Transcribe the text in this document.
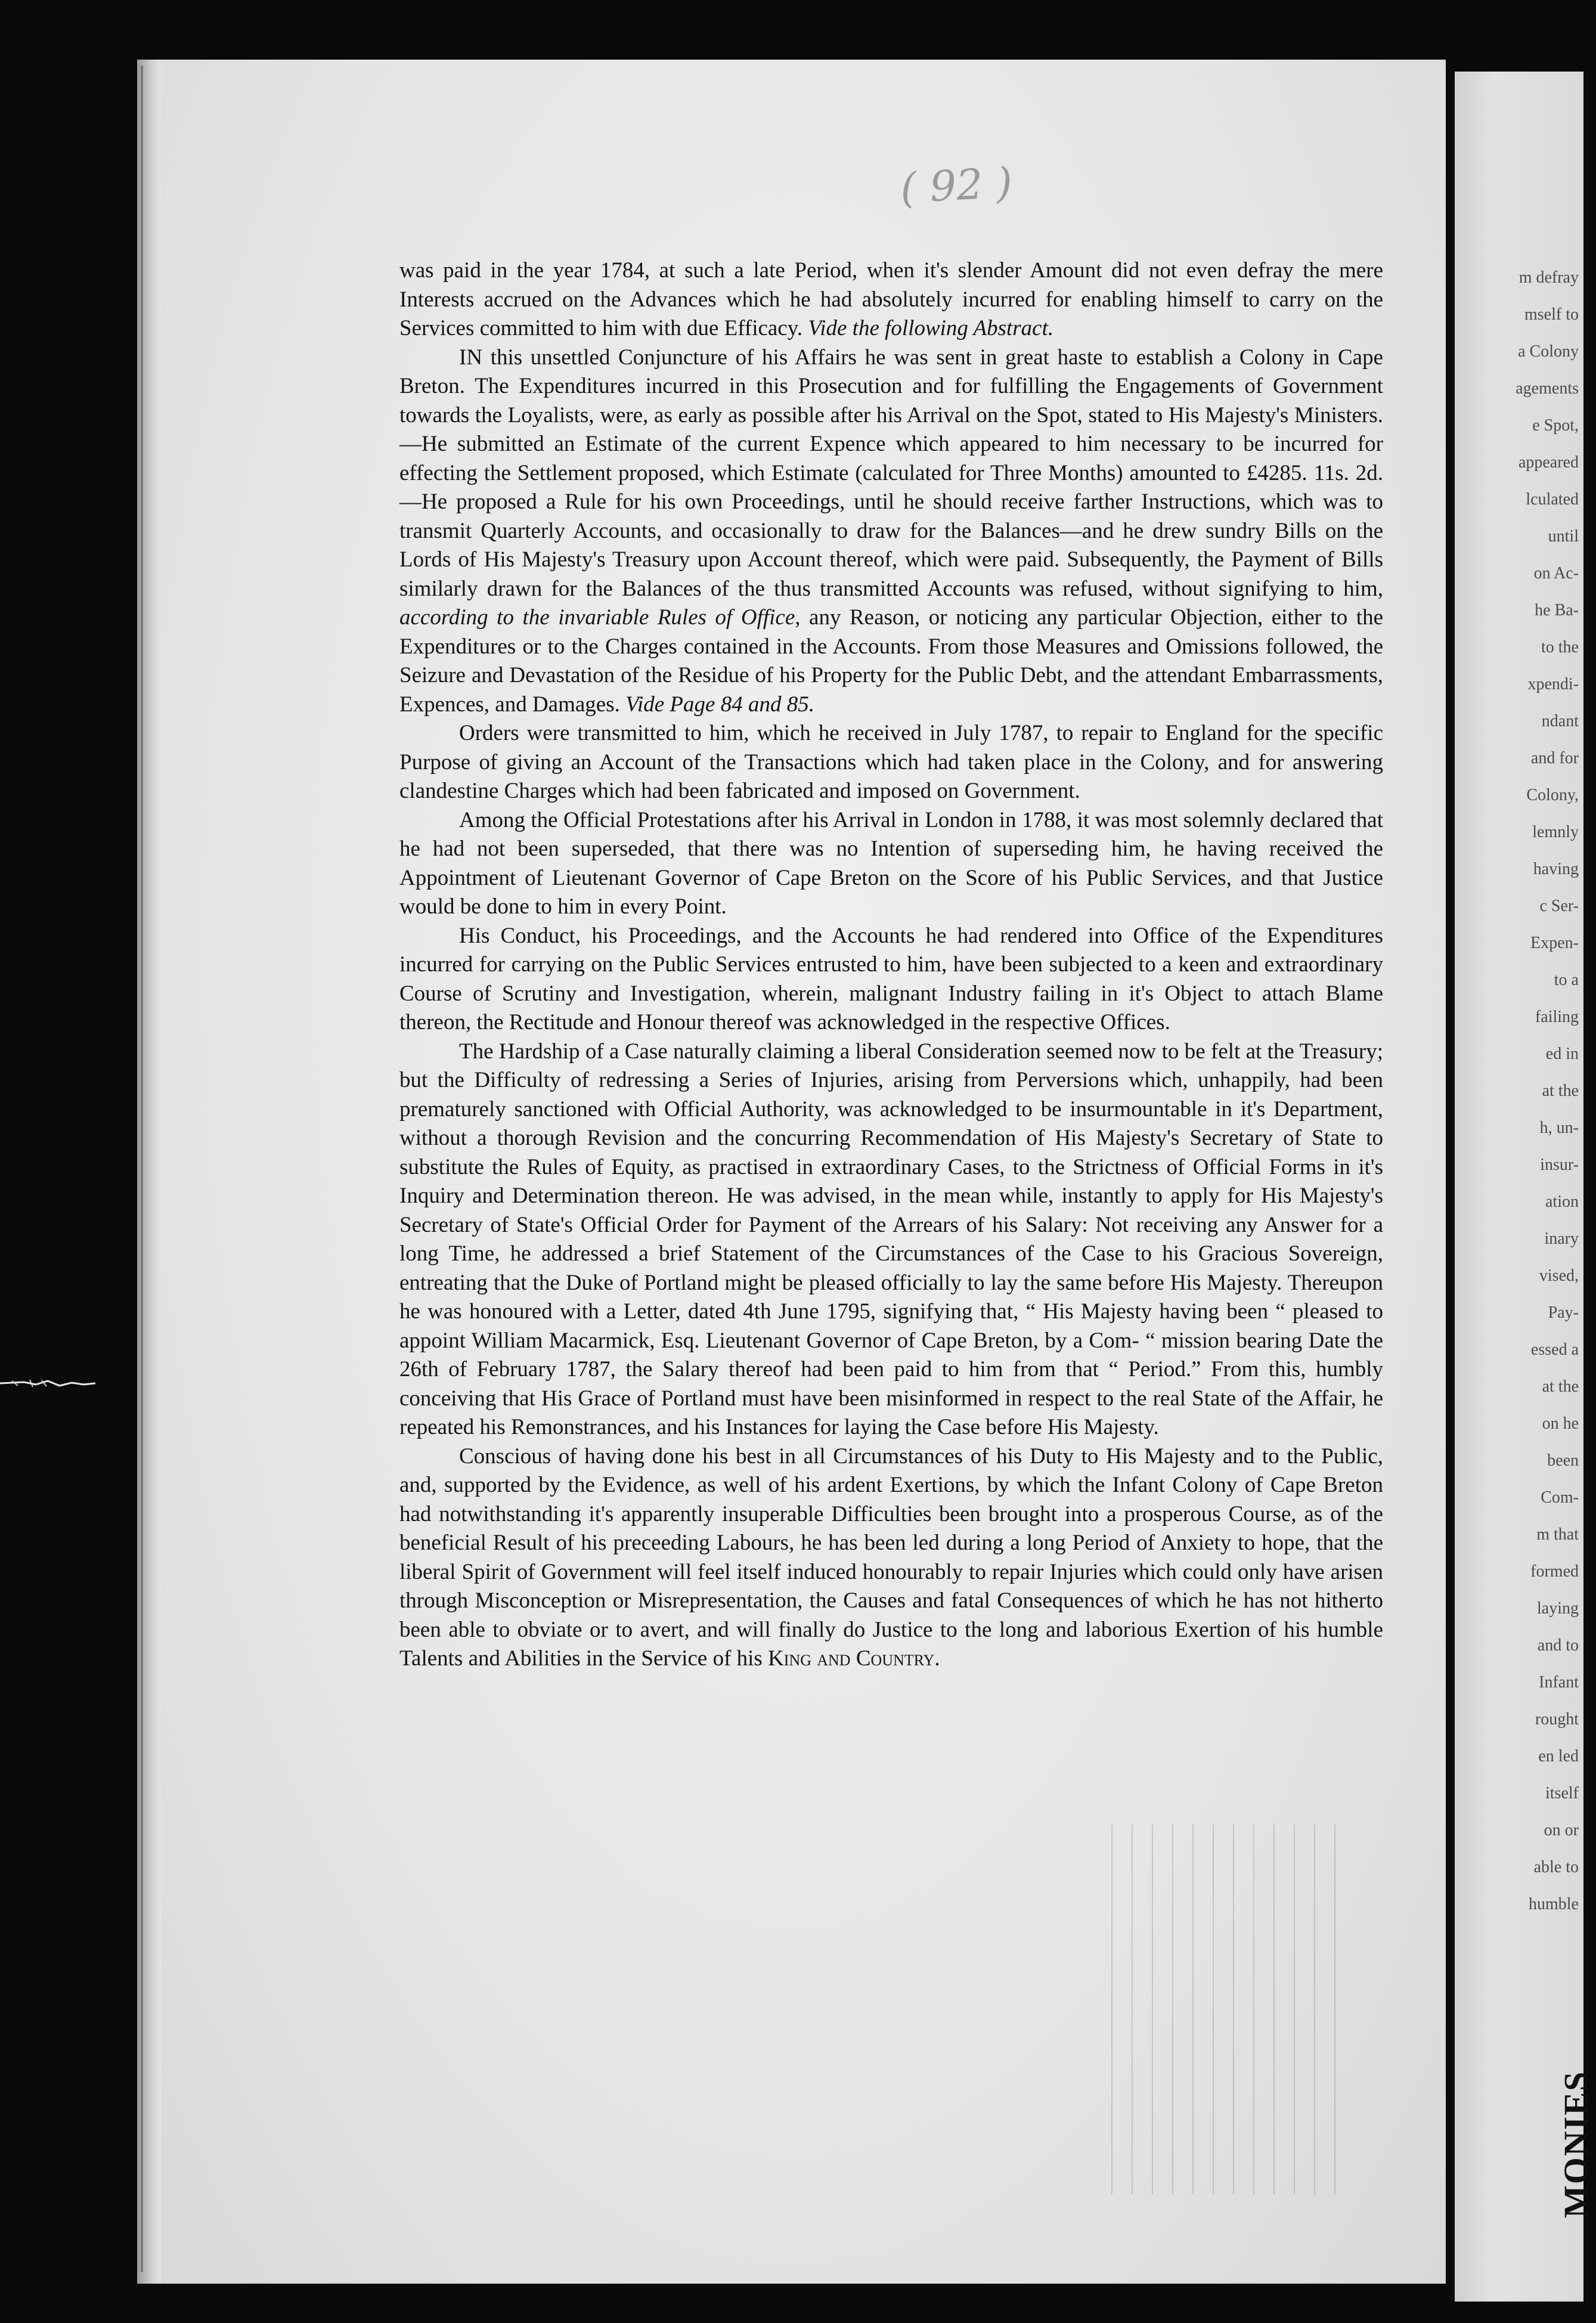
( 92 )

was paid in the year 1784, at such a late Period, when it's slender Amount did not even defray the mere Interests accrued on the Advances which he had absolutely incurred for enabling himself to carry on the Services committed to him with due Efficacy. Vide the following Abstract.

IN this unsettled Conjuncture of his Affairs he was sent in great haste to establish a Colony in Cape Breton. The Expenditures incurred in this Prosecution and for fulfilling the Engagements of Government towards the Loyalists, were, as early as possible after his Arrival on the Spot, stated to His Majesty's Ministers.—He submitted an Estimate of the current Expence which appeared to him necessary to be incurred for effecting the Settlement proposed, which Estimate (calculated for Three Months) amounted to £4285. 11s. 2d.—He proposed a Rule for his own Proceedings, until he should receive farther Instructions, which was to transmit Quarterly Accounts, and occasionally to draw for the Balances—and he drew sundry Bills on the Lords of His Majesty's Treasury upon Account thereof, which were paid. Subsequently, the Payment of Bills similarly drawn for the Balances of the thus transmitted Accounts was refused, without signifying to him, according to the invariable Rules of Office, any Reason, or noticing any particular Objection, either to the Expenditures or to the Charges contained in the Accounts. From those Measures and Omissions followed, the Seizure and Devastation of the Residue of his Property for the Public Debt, and the attendant Embarrassments, Expences, and Damages. Vide Page 84 and 85.

Orders were transmitted to him, which he received in July 1787, to repair to England for the specific Purpose of giving an Account of the Transactions which had taken place in the Colony, and for answering clandestine Charges which had been fabricated and imposed on Government.

Among the Official Protestations after his Arrival in London in 1788, it was most solemnly declared that he had not been superseded, that there was no Intention of superseding him, he having received the Appointment of Lieutenant Governor of Cape Breton on the Score of his Public Services, and that Justice would be done to him in every Point.

His Conduct, his Proceedings, and the Accounts he had rendered into Office of the Expenditures incurred for carrying on the Public Services entrusted to him, have been subjected to a keen and extraordinary Course of Scrutiny and Investigation, wherein, malignant Industry failing in it's Object to attach Blame thereon, the Rectitude and Honour thereof was acknowledged in the respective Offices.

The Hardship of a Case naturally claiming a liberal Consideration seemed now to be felt at the Treasury; but the Difficulty of redressing a Series of Injuries, arising from Perversions which, unhappily, had been prematurely sanctioned with Official Authority, was acknowledged to be insurmountable in it's Department, without a thorough Revision and the concurring Recommendation of His Majesty's Secretary of State to substitute the Rules of Equity, as practised in extraordinary Cases, to the Strictness of Official Forms in it's Inquiry and Determination thereon. He was advised, in the mean while, instantly to apply for His Majesty's Secretary of State's Official Order for Payment of the Arrears of his Salary: Not receiving any Answer for a long Time, he addressed a brief Statement of the Circumstances of the Case to his Gracious Sovereign, entreating that the Duke of Portland might be pleased officially to lay the same before His Majesty. Thereupon he was honoured with a Letter, dated 4th June 1795, signifying that, “ His Majesty having been “ pleased to appoint William Macarmick, Esq. Lieutenant Governor of Cape Breton, by a Com- “ mission bearing Date the 26th of February 1787, the Salary thereof had been paid to him from that “ Period.” From this, humbly conceiving that His Grace of Portland must have been misinformed in respect to the real State of the Affair, he repeated his Remonstrances, and his Instances for laying the Case before His Majesty.

Conscious of having done his best in all Circumstances of his Duty to His Majesty and to the Public, and, supported by the Evidence, as well of his ardent Exertions, by which the Infant Colony of Cape Breton had notwithstanding it's apparently insuperable Difficulties been brought into a prosperous Course, as of the beneficial Result of his preceeding Labours, he has been led during a long Period of Anxiety to hope, that the liberal Spirit of Government will feel itself induced honourably to repair Injuries which could only have arisen through Misconception or Misrepresentation, the Causes and fatal Consequences of which he has not hitherto been able to obviate or to avert, and will finally do Justice to the long and laborious Exertion of his humble Talents and Abilities in the Service of his King and Country.

MONIES
m defray
mself to
a Colony
agements
e Spot,
appeared
lculated
until
on Ac-
he Ba-
to the
xpendi-
ndant
and for
Colony,
lemnly
having
c Ser-
Expen-
to a
failing
ed in
at the
h, un-
insur-
ation
inary
vised,
Pay-
essed a
at the
on he
been
Com-
m that
formed
laying
and to
Infant
rought
en led
itself
on or
able to
humble
